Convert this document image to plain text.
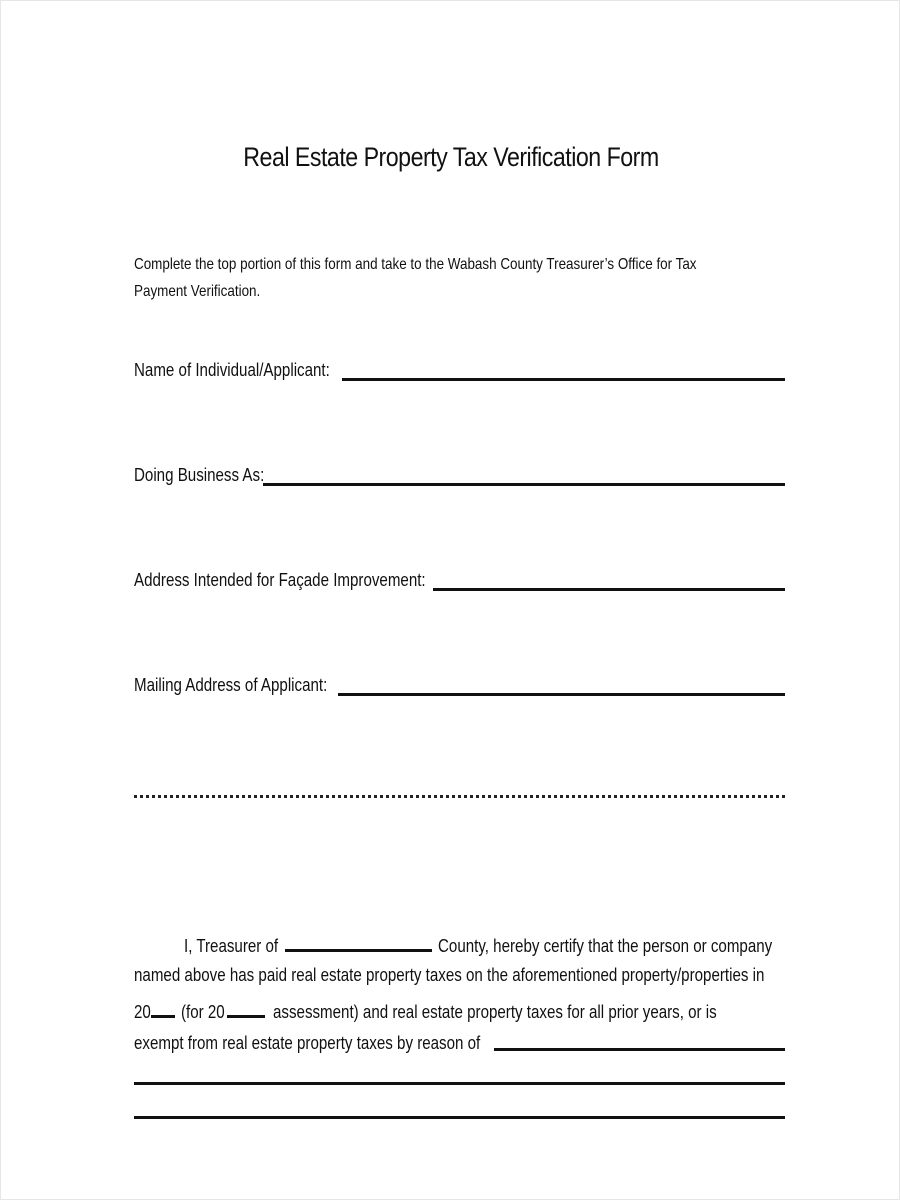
Real Estate Property Tax Verification Form
Complete the top portion of this form and take to the Wabash County Treasurer’s Office for Tax
Payment Verification.
Name of Individual/Applicant:
Doing Business As:
Address Intended for Façade Improvement:
Mailing Address of Applicant:
I, Treasurer of	County, hereby certify that the person or company
named above has paid real estate property taxes on the aforementioned property/properties in
20 (for 20	assessment) and real estate property taxes for all prior years, or is
exempt from real estate property taxes by reason of
